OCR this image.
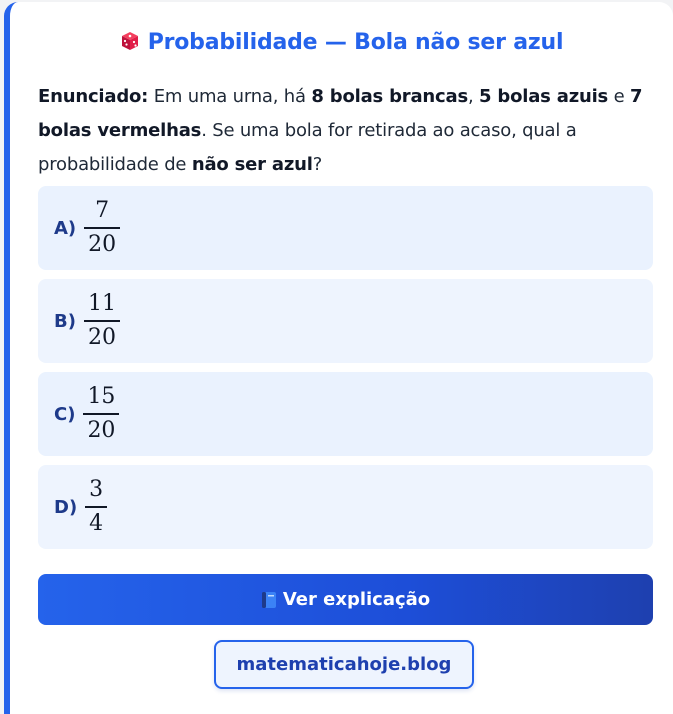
Probabilidade — Bola não ser azul

Enunciado: Em uma urna, há 8 bolas brancas, 5 bolas azuis e 7 bolas vermelhas. Se uma bola for retirada ao acaso, qual a probabilidade de não ser azul?

$A) \frac{7}{20}$
$B) \frac{11}{20}$
$C) \frac{15}{20}$
$D) \frac{3}{4}$
Ver explicação
matematicahoje.blog
